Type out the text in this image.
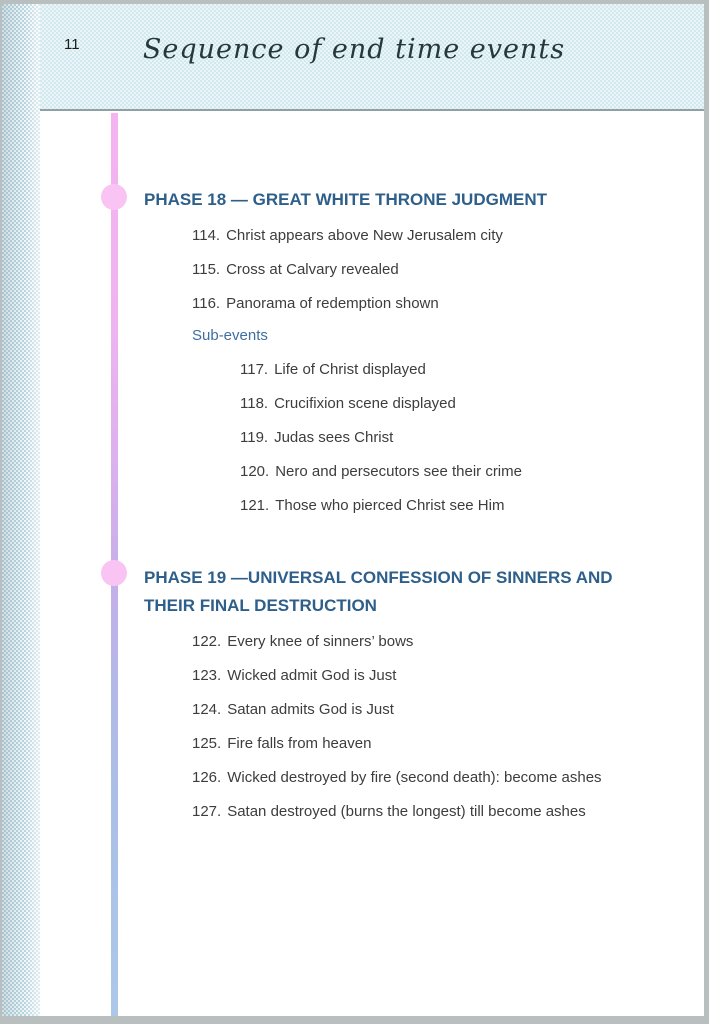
11	Sequence of end time events
PHASE 18 — GREAT WHITE THRONE JUDGMENT
114. Christ appears above New Jerusalem city
115. Cross at Calvary revealed
116. Panorama of redemption shown
Sub-events
117. Life of Christ displayed
118. Crucifixion scene displayed
119. Judas sees Christ
120. Nero and persecutors see their crime
121. Those who pierced Christ see Him
PHASE 19 —UNIVERSAL CONFESSION OF SINNERS AND THEIR FINAL DESTRUCTION
122. Every knee of sinners’ bows
123. Wicked admit God is Just
124. Satan admits God is Just
125. Fire falls from heaven
126. Wicked destroyed by fire (second death): become ashes
127. Satan destroyed (burns the longest) till become ashes
